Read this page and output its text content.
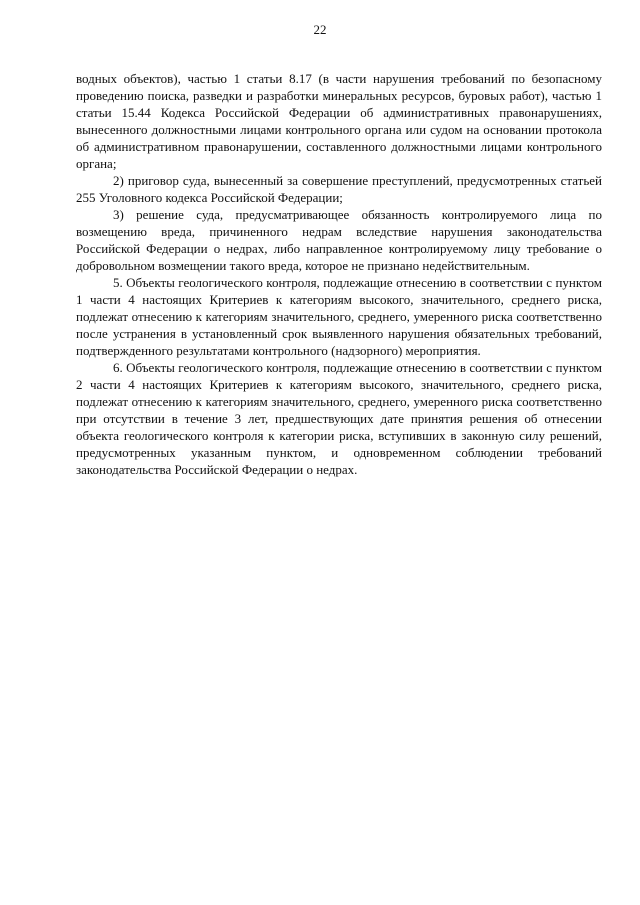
22

водных объектов), частью 1 статьи 8.17 (в части нарушения требований по безопасному проведению поиска, разведки и разработки минеральных ресурсов, буровых работ), частью 1 статьи 15.44 Кодекса Российской Федерации об административных правонарушениях, вынесенного должностными лицами контрольного органа или судом на основании протокола об административном правонарушении, составленного должностными лицами контрольного органа;

2) приговор суда, вынесенный за совершение преступлений, предусмотренных статьей 255 Уголовного кодекса Российской Федерации;

3) решение суда, предусматривающее обязанность контролируемого лица по возмещению вреда, причиненного недрам вследствие нарушения законодательства Российской Федерации о недрах, либо направленное контролируемому лицу требование о добровольном возмещении такого вреда, которое не признано недействительным.

5. Объекты геологического контроля, подлежащие отнесению в соответствии с пунктом 1 части 4 настоящих Критериев к категориям высокого, значительного, среднего риска, подлежат отнесению к категориям значительного, среднего, умеренного риска соответственно после устранения в установленный срок выявленного нарушения обязательных требований, подтвержденного результатами контрольного (надзорного) мероприятия.

6. Объекты геологического контроля, подлежащие отнесению в соответствии с пунктом 2 части 4 настоящих Критериев к категориям высокого, значительного, среднего риска, подлежат отнесению к категориям значительного, среднего, умеренного риска соответственно при отсутствии в течение 3 лет, предшествующих дате принятия решения об отнесении объекта геологического контроля к категории риска, вступивших в законную силу решений, предусмотренных указанным пунктом, и одновременном соблюдении требований законодательства Российской Федерации о недрах.
